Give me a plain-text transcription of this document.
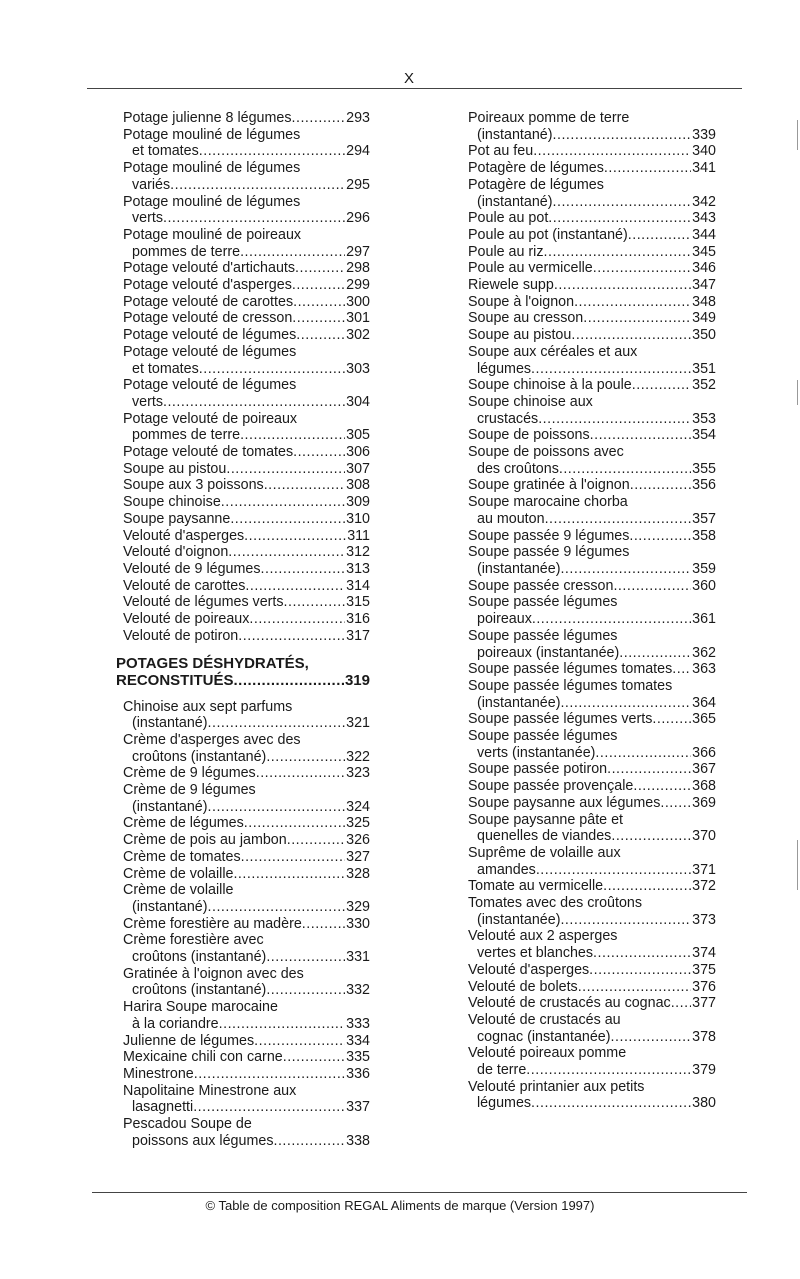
X
Potage julienne 8 légumes .....	293
Potage mouliné de légumes
et tomates .....	294
Potage mouliné de légumes
variés .....	295
Potage mouliné de légumes
verts .....	296
Potage mouliné de poireaux
pommes de terre .....	297
Potage velouté d'artichauts .....	298
Potage velouté d'asperges .....	299
Potage velouté de carottes .....	300
Potage velouté de cresson .....	301
Potage velouté de légumes .....	302
Potage velouté de légumes
et tomates .....	303
Potage velouté de légumes
verts .....	304
Potage velouté de poireaux
pommes de terre .....	305
Potage velouté de tomates .....	306
Soupe au pistou .....	307
Soupe aux 3 poissons .....	308
Soupe chinoise .....	309
Soupe paysanne .....	310
Velouté d'asperges .....	311
Velouté d'oignon .....	312
Velouté de 9 légumes .....	313
Velouté de carottes .....	314
Velouté de légumes verts .....	315
Velouté de poireaux .....	316
Velouté de potiron .....	317
POTAGES DÉSHYDRATÉS,
RECONSTITUÉS .....	319
Chinoise aux sept parfums
(instantané) .....	321
Crème d'asperges avec des
croûtons (instantané) .....	322
Crème de 9 légumes .....	323
Crème de 9 légumes
(instantané) .....	324
Crème de légumes .....	325
Crème de pois au jambon .....	326
Crème de tomates .....	327
Crème de volaille .....	328
Crème de volaille
(instantané) .....	329
Crème forestière au madère .....	330
Crème forestière avec
croûtons (instantané) .....	331
Gratinée à l'oignon avec des
croûtons (instantané) .....	332
Harira Soupe marocaine
à la coriandre .....	333
Julienne de légumes .....	334
Mexicaine chili con carne .....	335
Minestrone .....	336
Napolitaine Minestrone aux
lasagnetti .....	337
Pescadou Soupe de
poissons aux légumes .....	338
Poireaux pomme de terre
(instantané) .....	339
Pot au feu .....	340
Potagère de légumes .....	341
Potagère de légumes
(instantané) .....	342
Poule au pot .....	343
Poule au pot (instantané) .....	344
Poule au riz .....	345
Poule au vermicelle .....	346
Riewele supp .....	347
Soupe à l'oignon .....	348
Soupe au cresson .....	349
Soupe au pistou .....	350
Soupe aux céréales et aux
légumes .....	351
Soupe chinoise à la poule .....	352
Soupe chinoise aux
crustacés .....	353
Soupe de poissons .....	354
Soupe de poissons avec
des croûtons .....	355
Soupe gratinée à l'oignon .....	356
Soupe marocaine chorba
au mouton .....	357
Soupe passée 9 légumes .....	358
Soupe passée 9 légumes
(instantanée) .....	359
Soupe passée cresson .....	360
Soupe passée légumes
poireaux .....	361
Soupe passée légumes
poireaux (instantanée) .....	362
Soupe passée légumes tomates ..... 363
Soupe passée légumes tomates
(instantanée) .....	364
Soupe passée légumes verts .....	365
Soupe passée légumes
verts (instantanée) .....	366
Soupe passée potiron .....	367
Soupe passée provençale .....	368
Soupe paysanne aux légumes ..... 369
Soupe paysanne pâte et
quenelles de viandes .....	370
Suprême de volaille aux
amandes .....	371
Tomate au vermicelle .....	372
Tomates avec des croûtons
(instantanée) .....	373
Velouté aux 2 asperges
vertes et blanches .....	374
Velouté d'asperges .....	375
Velouté de bolets .....	376
Velouté de crustacés au cognac ..... 377
Velouté de crustacés au
cognac (instantanée) .....	378
Velouté poireaux pomme
de terre .....	379
Velouté printanier aux petits
légumes .....	380
© Table de composition REGAL Aliments de marque (Version 1997)
